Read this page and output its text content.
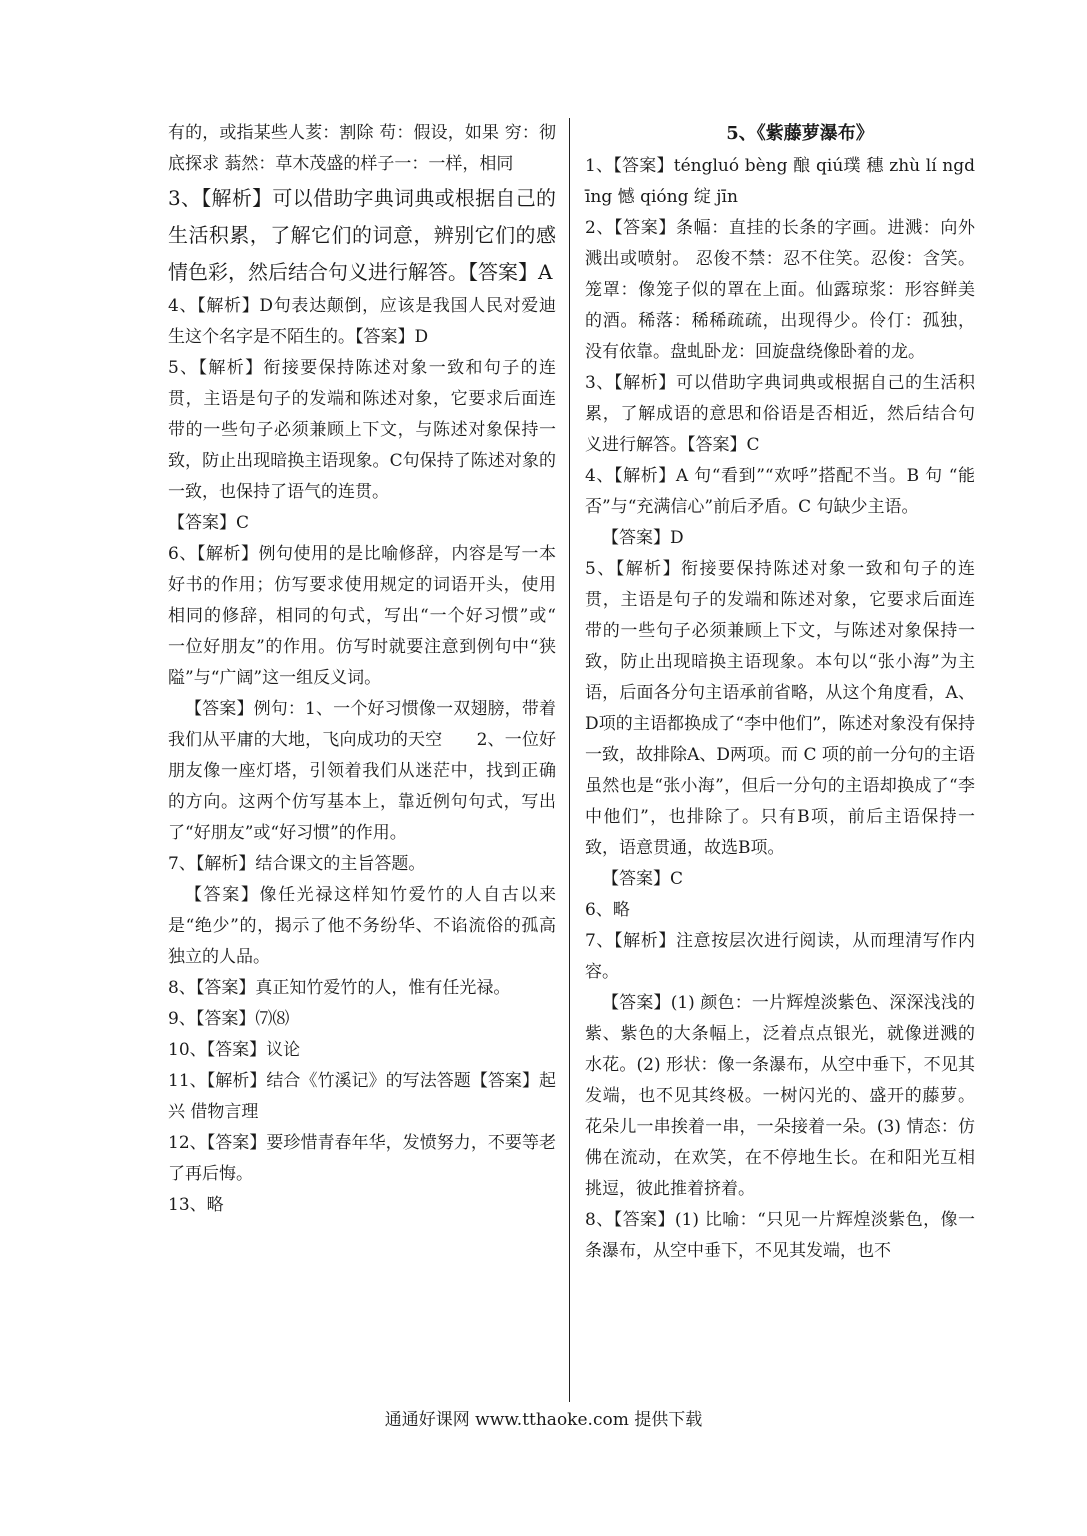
有的，或指某些人荄：割除 苟：假设，如果 穷：彻底探求 蓊然：草木茂盛的样子一：一样，相同

3、【解析】可以借助字典词典或根据自己的生活积累，了解它们的词意，辨别它们的感情色彩，然后结合句义进行解答。【答案】A

4、【解析】D句表达颠倒，应该是我国人民对爱迪生这个名字是不陌生的。【答案】D

5、【解析】衔接要保持陈述对象一致和句子的连贯，主语是句子的发端和陈述对象，它要求后面连带的一些句子必须兼顾上下文，与陈述对象保持一致，防止出现暗换主语现象。C句保持了陈述对象的一致，也保持了语气的连贯。

【答案】C

6、【解析】例句使用的是比喻修辞，内容是写一本好书的作用；仿写要求使用规定的词语开头，使用相同的修辞，相同的句式，写出“一个好习惯”或“ 一位好朋友”的作用。仿写时就要注意到例句中“狭隘”与“广阔”这一组反义词。

【答案】例句：1、一个好习惯像一双翅膀，带着我们从平庸的大地，飞向成功的天空　　2、一位好朋友像一座灯塔，引领着我们从迷茫中，找到正确的方向。这两个仿写基本上，靠近例句句式，写出了“好朋友”或“好习惯”的作用。

7、【解析】结合课文的主旨答题。

【答案】像任光禄这样知竹爱竹的人自古以来是“绝少”的，揭示了他不务纷华、不谄流俗的孤高独立的人品。

8、【答案】真正知竹爱竹的人，惟有任光禄。

9、【答案】⑺⑻

10、【答案】议论

11、【解析】结合《竹溪记》的写法答题【答案】起兴 借物言理

12、【答案】要珍惜青春年华，发愤努力，不要等老了再后悔。

13、略

5、《紫藤萝瀑布》

1、【答案】téngluó bèng 酿 qiú璞 穗 zhù lí ngdīng 憾 qióng 绽 jīn

2、【答案】条幅：直挂的长条的字画。进溅：向外溅出或喷射。 忍俊不禁：忍不住笑。忍俊：含笑。笼罩：像笼子似的罩在上面。仙露琼浆：形容鲜美的酒。稀落：稀稀疏疏，出现得少。伶仃：孤独，没有依靠。盘虬卧龙：回旋盘绕像卧着的龙。

3、【解析】可以借助字典词典或根据自己的生活积累，了解成语的意思和俗语是否相近，然后结合句义进行解答。【答案】C

4、【解析】A 句“看到”“欢呼”搭配不当。B 句 “能否”与“充满信心”前后矛盾。C 句缺少主语。

【答案】D

5、【解析】衔接要保持陈述对象一致和句子的连贯，主语是句子的发端和陈述对象，它要求后面连带的一些句子必须兼顾上下文，与陈述对象保持一致，防止出现暗换主语现象。本句以“张小海”为主语，后面各分句主语承前省略，从这个角度看，A、D项的主语都换成了“李中他们”，陈述对象没有保持一致，故排除A、D两项。而 C 项的前一分句的主语虽然也是“张小海”，但后一分句的主语却换成了“李中他们”，也排除了。只有B项，前后主语保持一致，语意贯通，故选B项。

【答案】C

6、略

7、【解析】注意按层次进行阅读，从而理清写作内容。

【答案】(1) 颜色：一片辉煌淡紫色、深深浅浅的紫、紫色的大条幅上，泛着点点银光，就像迸溅的水花。(2) 形状：像一条瀑布，从空中垂下，不见其发端，也不见其终极。一树闪光的、盛开的藤萝。花朵儿一串挨着一串，一朵接着一朵。(3) 情态：仿佛在流动，在欢笑，在不停地生长。在和阳光互相挑逗，彼此推着挤着。

8、【答案】(1) 比喻：“只见一片辉煌淡紫色，像一条瀑布，从空中垂下，不见其发端，也不

通通好课网 www.tthaoke.com 提供下载
